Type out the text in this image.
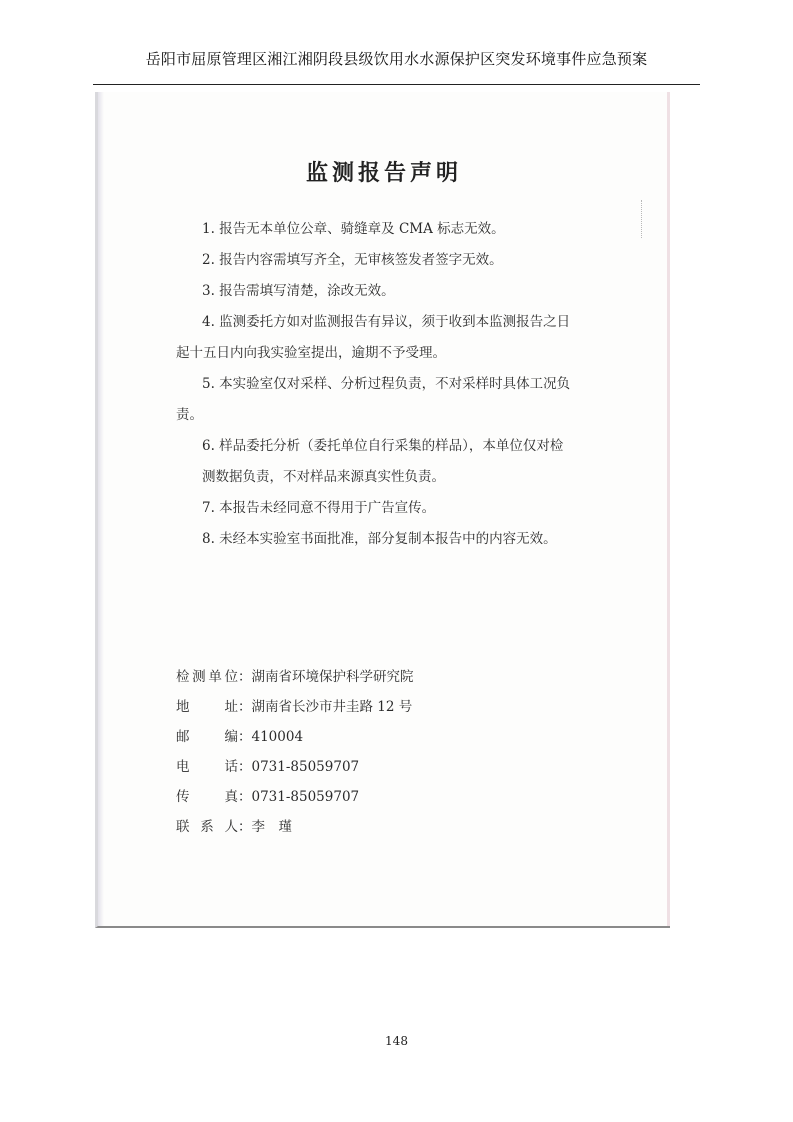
岳阳市屈原管理区湘江湘阴段县级饮用水水源保护区突发环境事件应急预案
监测报告声明
1. 报告无本单位公章、骑缝章及 CMA 标志无效。
2. 报告内容需填写齐全，无审核签发者签字无效。
3. 报告需填写清楚，涂改无效。
4. 监测委托方如对监测报告有异议，须于收到本监测报告之日
起十五日内向我实验室提出，逾期不予受理。
5. 本实验室仅对采样、分析过程负责，不对采样时具体工况负
责。
6. 样品委托分析（委托单位自行采集的样品），本单位仅对检
测数据负责，不对样品来源真实性负责。
7. 本报告未经同意不得用于广告宣传。
8. 未经本实验室书面批准，部分复制本报告中的内容无效。
检测单位：湖南省环境保护科学研究院
地　　址：湖南省长沙市井圭路 12 号
邮　　编：410004
电　　话：0731-85059707
传　　真：0731-85059707
联 系 人：李　瑾
148
